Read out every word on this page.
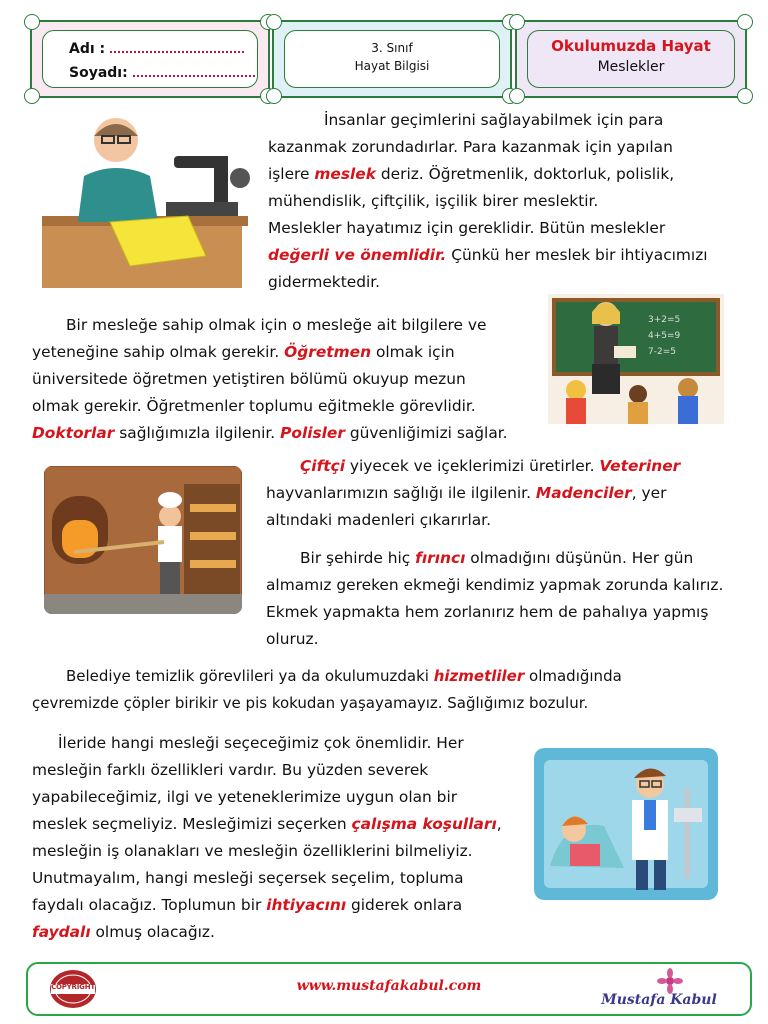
Adı :
Soyadı:
3. Sınıf
Hayat Bilgisi
Okulumuzda Hayat
Meslekler

İnsanlar geçimlerini sağlayabilmek için para

kazanmak zorundadırlar. Para kazanmak için yapılan

işlere meslek deriz. Öğretmenlik, doktorluk, polislik,

mühendislik, çiftçilik, işçilik birer meslektir.

Meslekler hayatımız için gereklidir. Bütün meslekler

değerli ve önemlidir. Çünkü her meslek bir ihtiyacımızı

gidermektedir.

3+2=5
4+5=9
7-2=5

Bir mesleğe sahip olmak için o mesleğe ait bilgilere ve

yeteneğine sahip olmak gerekir. Öğretmen olmak için

üniversitede öğretmen yetiştiren bölümü okuyup mezun

olmak gerekir. Öğretmenler toplumu eğitmekle görevlidir.

Doktorlar sağlığımızla ilgilenir. Polisler güvenliğimizi sağlar.

Çiftçi yiyecek ve içeklerimizi üretirler. Veteriner

hayvanlarımızın sağlığı ile ilgilenir. Madenciler, yer

altındaki madenleri çıkarırlar.

Bir şehirde hiç fırıncı olmadığını düşünün. Her gün

almamız gereken ekmeği kendimiz yapmak zorunda kalırız.

Ekmek yapmakta hem zorlanırız hem de pahalıya yapmış

oluruz.

Belediye temizlik görevlileri ya da okulumuzdaki hizmetliler olmadığında

çevremizde çöpler birikir ve pis kokudan yaşayamayız. Sağlığımız bozulur.

İleride hangi mesleği seçeceğimiz çok önemlidir. Her

mesleğin farklı özellikleri vardır. Bu yüzden severek

yapabileceğimiz, ilgi ve yeteneklerimize uygun olan bir

meslek seçmeliyiz. Mesleğimizi seçerken çalışma koşulları,

mesleğin iş olanakları ve mesleğin özelliklerini bilmeliyiz.

Unutmayalım, hangi mesleği seçersek seçelim, topluma

faydalı olacağız. Toplumun bir ihtiyacını giderek onlara

faydalı olmuş olacağız.

COPYRIGHT	www.mustafakabul.com
Mustafa Kabul
